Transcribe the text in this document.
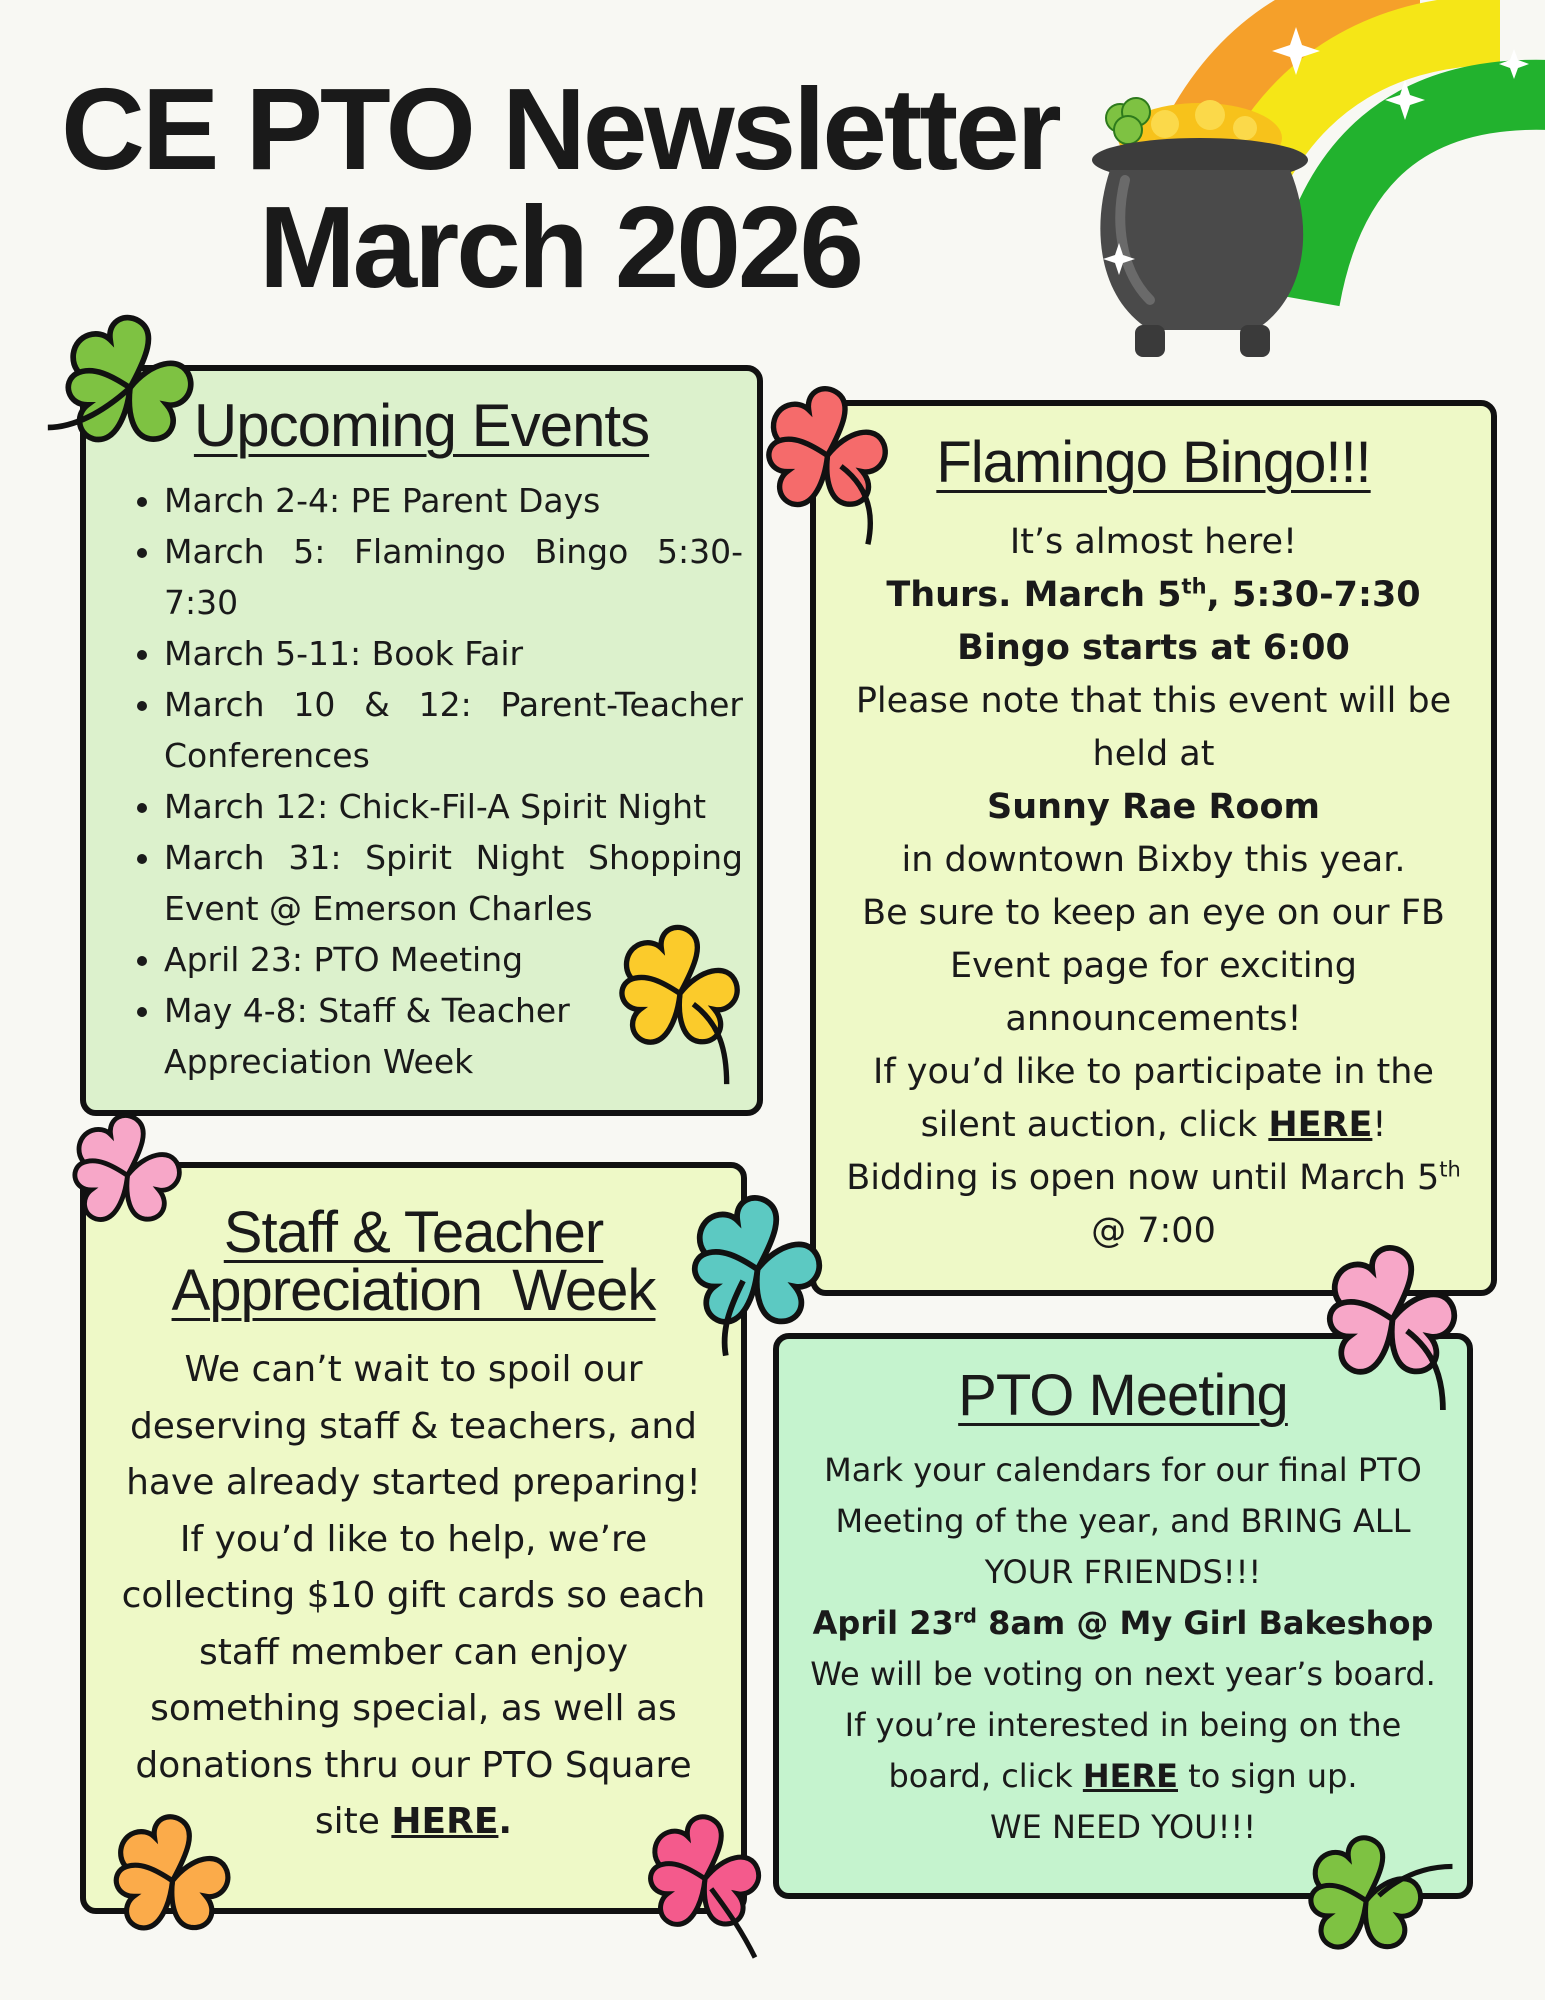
CE PTO Newsletter
March 2026
Upcoming Events
• March 2-4: PE Parent Days
• March 5: Flamingo Bingo 5:30-7:30
• March 5-11: Book Fair
• March 10 & 12: Parent-Teacher Conferences
• March 12: Chick-Fil-A Spirit Night
• March 31: Spirit Night Shopping Event @ Emerson Charles
• April 23: PTO Meeting
• May 4-8: Staff & Teacher Appreciation Week
Flamingo Bingo!!!

It’s almost here!

Thurs. March 5th, 5:30-7:30

Bingo starts at 6:00

Please note that this event will be held at

Sunny Rae Room

in downtown Bixby this year.

Be sure to keep an eye on our FB Event page for exciting announcements!

If you’d like to participate in the silent auction, click HERE!

Bidding is open now until March 5th @ 7:00

Staff & Teacher
Appreciation  Week

We can’t wait to spoil our deserving staff & teachers, and have already started preparing!

If you’d like to help, we’re collecting $10 gift cards so each staff member can enjoy something special, as well as donations thru our PTO Square site HERE.

PTO Meeting

Mark your calendars for our final PTO Meeting of the year, and BRING ALL YOUR FRIENDS!!!

April 23rd 8am @ My Girl Bakeshop

We will be voting on next year’s board. If you’re interested in being on the board, click HERE to sign up.

WE NEED YOU!!!
